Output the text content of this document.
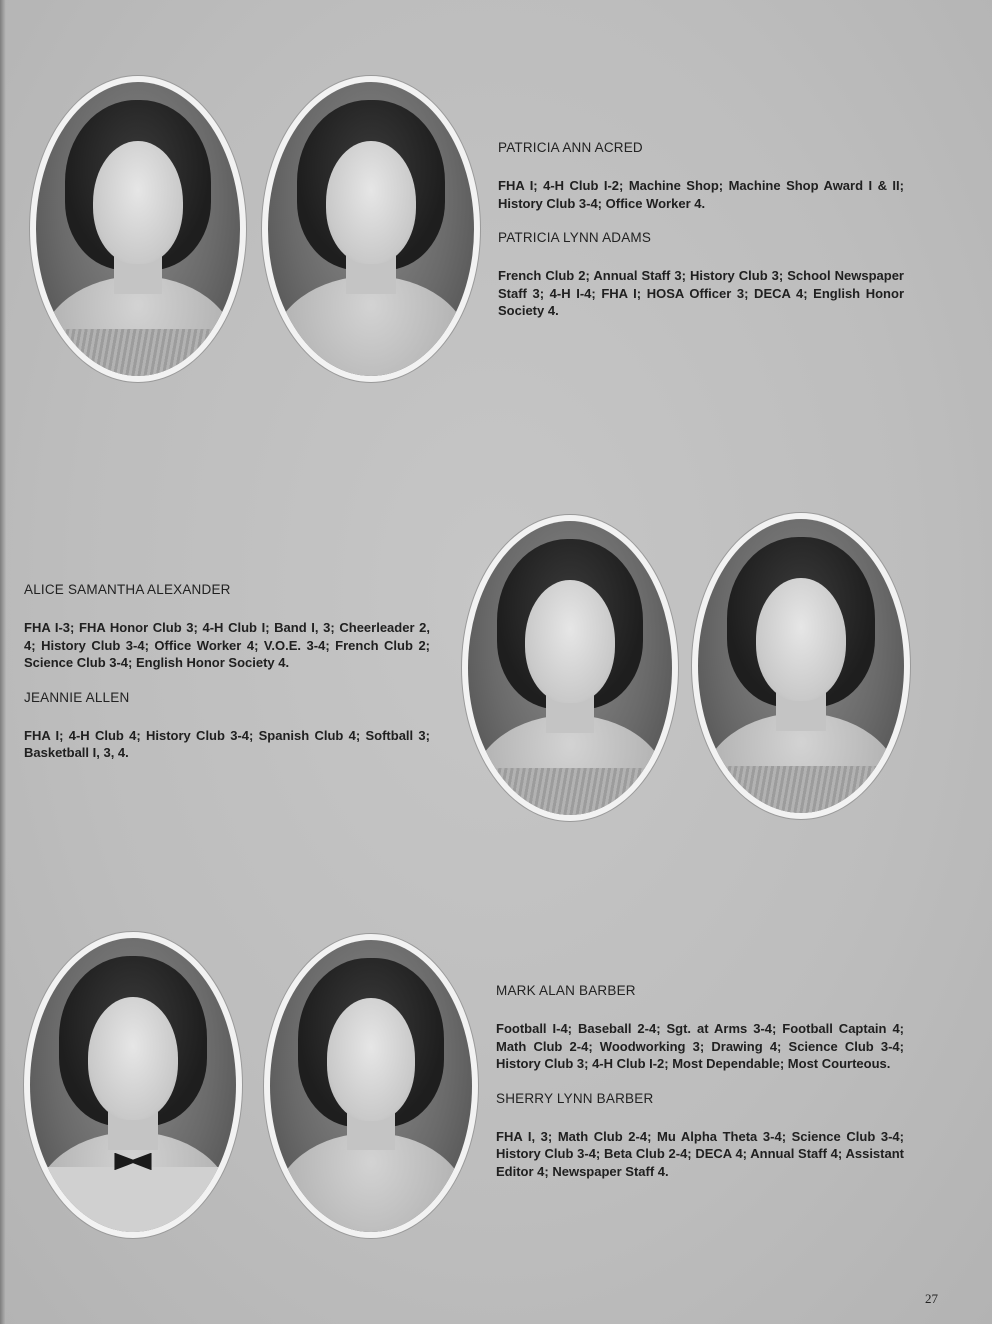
PATRICIA ANN ACRED

FHA I; 4-H Club I-2; Machine Shop; Machine Shop Award I & II; History Club 3-4; Office Worker 4.

PATRICIA LYNN ADAMS

French Club 2; Annual Staff 3; History Club 3; School Newspaper Staff 3; 4-H I-4; FHA I; HOSA Officer 3; DECA 4; English Honor Society 4.

ALICE SAMANTHA ALEXANDER

FHA I-3; FHA Honor Club 3; 4-H Club I; Band I, 3; Cheerleader 2, 4; History Club 3-4; Office Worker 4; V.O.E. 3-4; French Club 2; Science Club 3-4; English Honor Society 4.

JEANNIE ALLEN

FHA I; 4-H Club 4; History Club 3-4; Spanish Club 4; Softball 3; Basketball I, 3, 4.

MARK ALAN BARBER

Football I-4; Baseball 2-4; Sgt. at Arms 3-4; Football Captain 4; Math Club 2-4; Woodworking 3; Drawing 4; Science Club 3-4; History Club 3; 4-H Club I-2; Most Dependable; Most Courteous.

SHERRY LYNN BARBER

FHA I, 3; Math Club 2-4; Mu Alpha Theta 3-4; Science Club 3-4; History Club 3-4; Beta Club 2-4; DECA 4; Annual Staff 4; Assistant Editor 4; Newspaper Staff 4.

27
